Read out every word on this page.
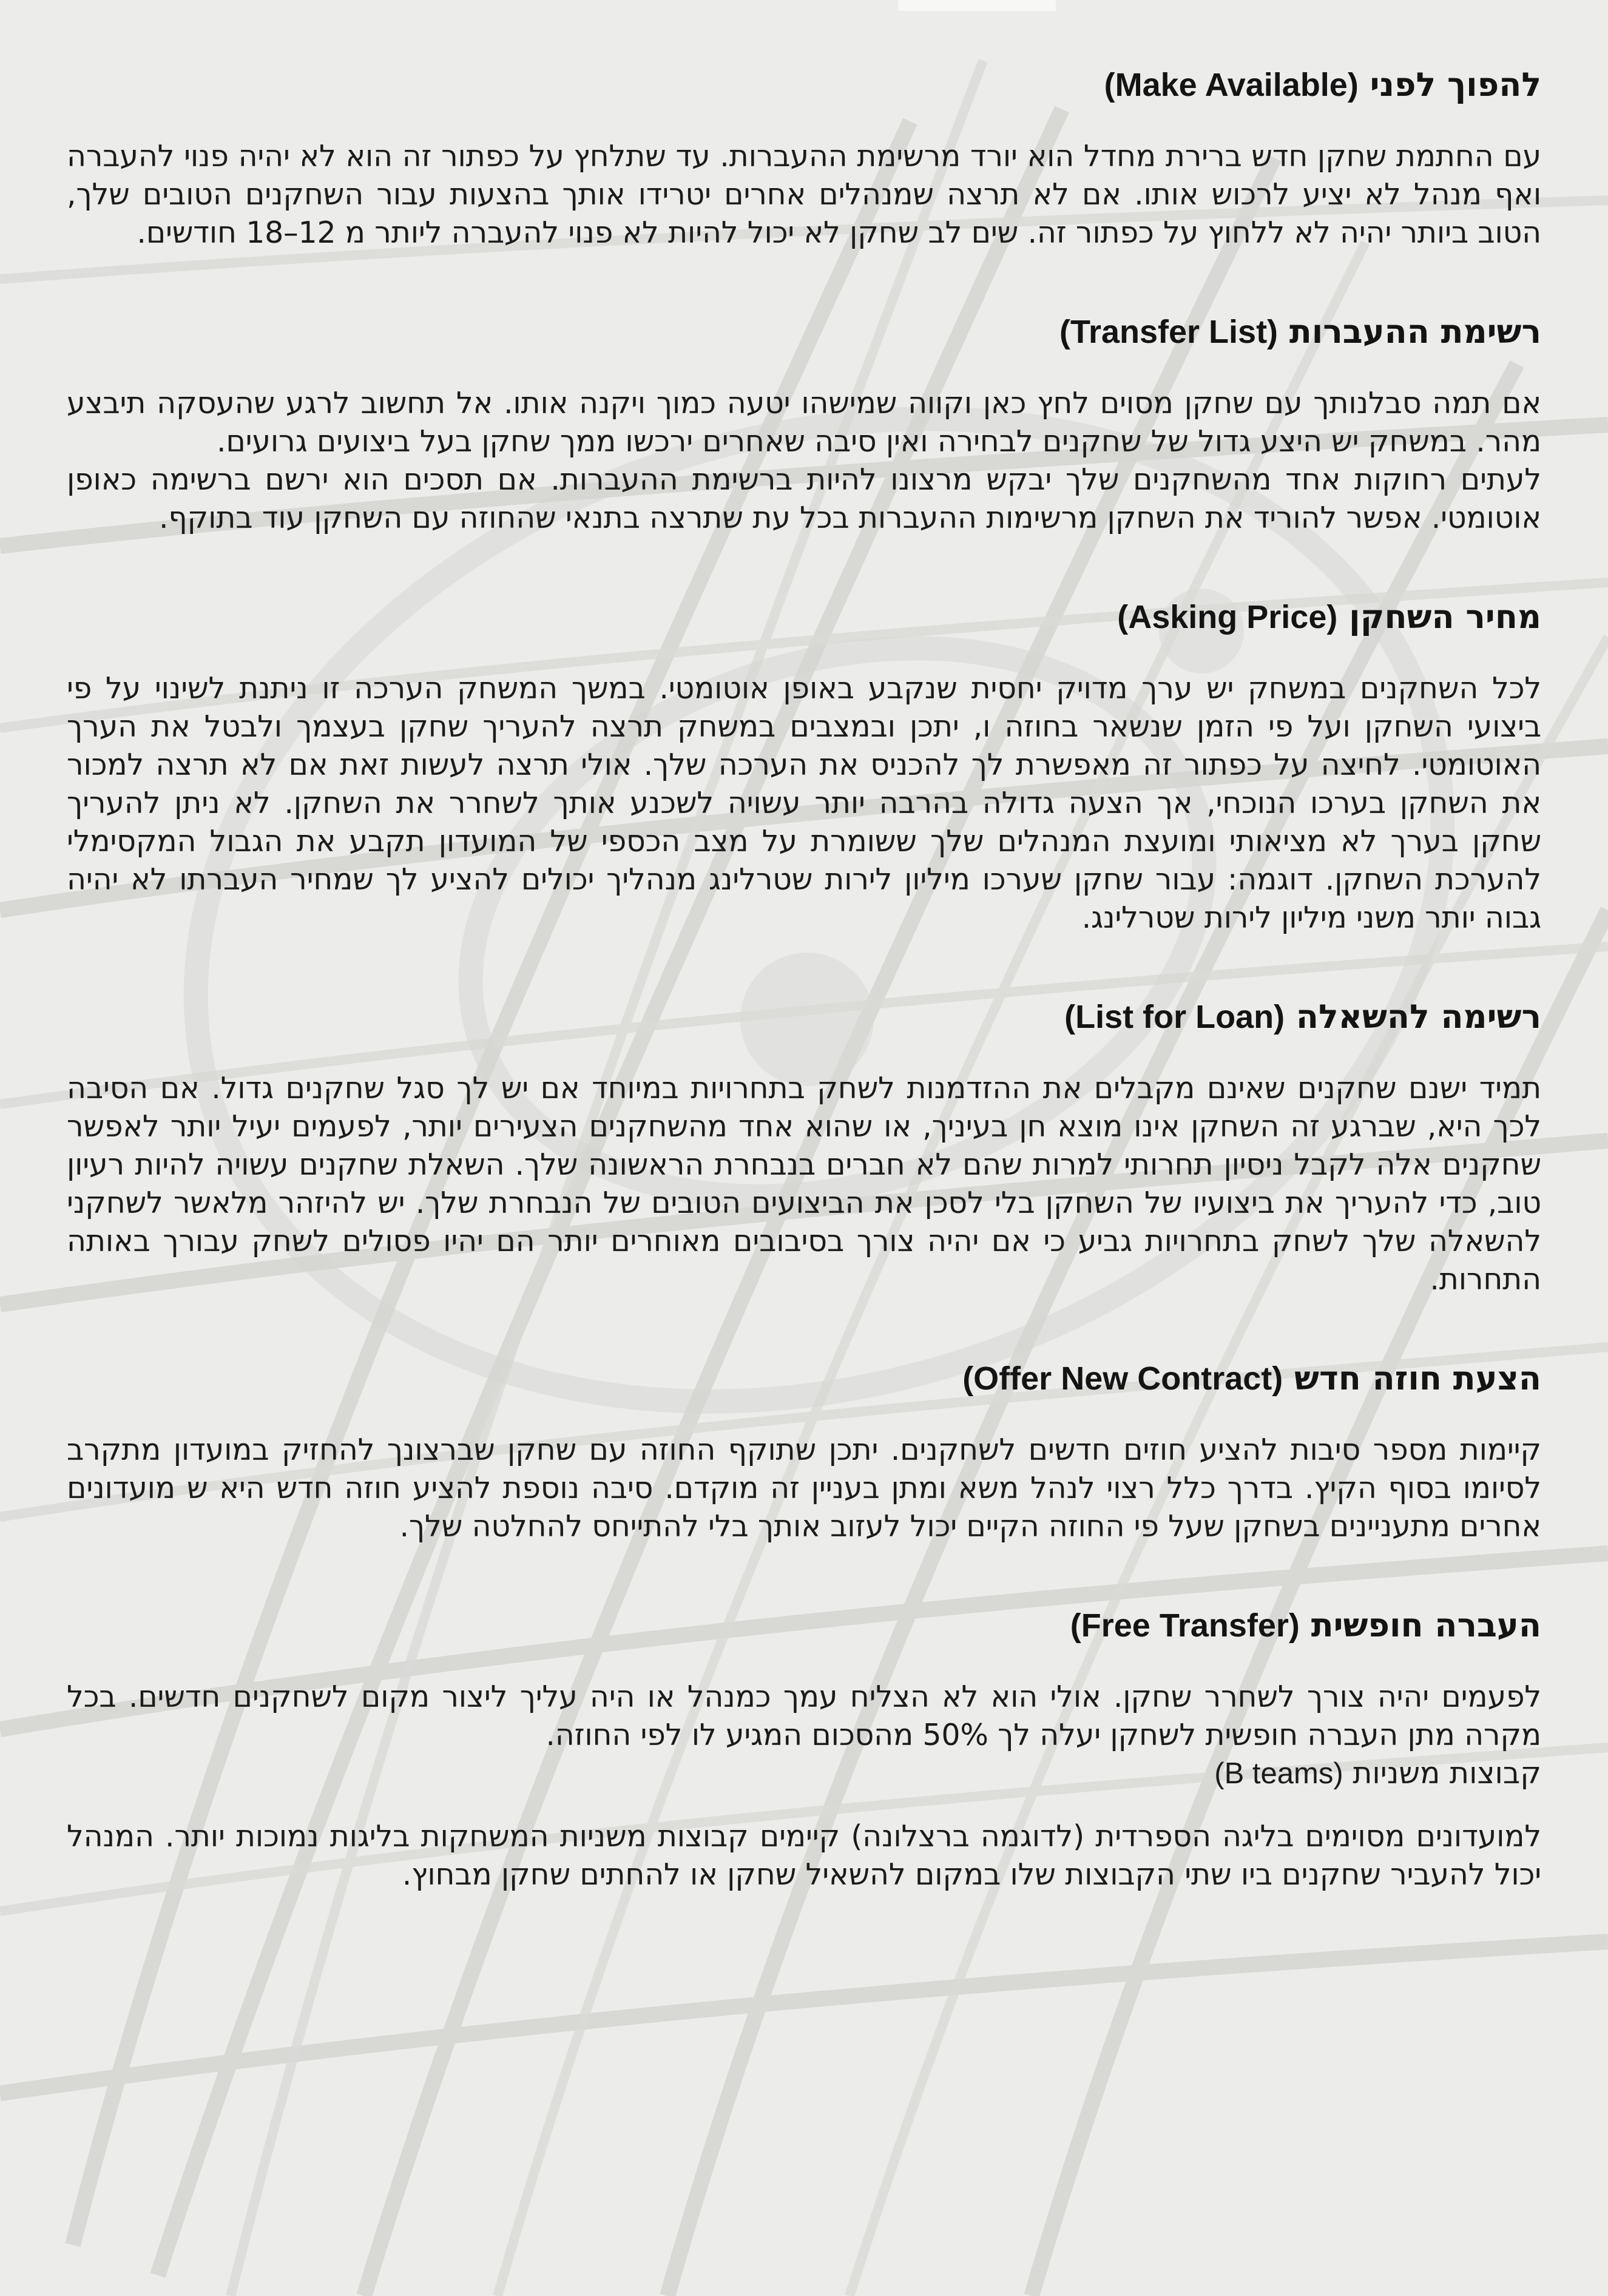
להפוך לפני (Make Available)

עם החתמת שחקן חדש ברירת מחדל הוא יורד מרשימת ההעברות. עד שתלחץ על כפתור זה הוא לא יהיה פנוי להעברה ואף מנהל לא יציע לרכוש אותו. אם לא תרצה שמנהלים אחרים יטרידו אותך בהצעות עבור השחקנים הטובים שלך, הטוב ביותר יהיה לא ללחוץ על כפתור זה. שים לב שחקן לא יכול להיות לא פנוי להעברה ליותר מ 12–18 חודשים.

רשימת ההעברות (Transfer List)

אם תמה סבלנותך עם שחקן מסוים לחץ כאן וקווה שמישהו יטעה כמוך ויקנה אותו. אל תחשוב לרגע שהעסקה תיבצע מהר. במשחק יש היצע גדול של שחקנים לבחירה ואין סיבה שאחרים ירכשו ממך שחקן בעל ביצועים גרועים.

לעתים רחוקות אחד מהשחקנים שלך יבקש מרצונו להיות ברשימת ההעברות. אם תסכים הוא ירשם ברשימה כאופן אוטומטי. אפשר להוריד את השחקן מרשימות ההעברות בכל עת שתרצה בתנאי שהחוזה עם השחקן עוד בתוקף.

מחיר השחקן (Asking Price)

לכל השחקנים במשחק יש ערך מדויק יחסית שנקבע באופן אוטומטי. במשך המשחק הערכה זו ניתנת לשינוי על פי ביצועי השחקן ועל פי הזמן שנשאר בחוזה ו, יתכן ובמצבים במשחק תרצה להעריך שחקן בעצמך ולבטל את הערך האוטומטי. לחיצה על כפתור זה מאפשרת לך להכניס את הערכה שלך. אולי תרצה לעשות זאת אם לא תרצה למכור את השחקן בערכו הנוכחי, אך הצעה גדולה בהרבה יותר עשויה לשכנע אותך לשחרר את השחקן. לא ניתן להעריך שחקן בערך לא מציאותי ומועצת המנהלים שלך ששומרת על מצב הכספי של המועדון תקבע את הגבול המקסימלי להערכת השחקן. דוגמה: עבור שחקן שערכו מיליון לירות שטרלינג מנהליך יכולים להציע לך שמחיר העברתו לא יהיה גבוה יותר משני מיליון לירות שטרלינג.

רשימה להשאלה (List for Loan)

תמיד ישנם שחקנים שאינם מקבלים את ההזדמנות לשחק בתחרויות במיוחד אם יש לך סגל שחקנים גדול. אם הסיבה לכך היא, שברגע זה השחקן אינו מוצא חן בעיניך, או שהוא אחד מהשחקנים הצעירים יותר, לפעמים יעיל יותר לאפשר שחקנים אלה לקבל ניסיון תחרותי למרות שהם לא חברים בנבחרת הראשונה שלך. השאלת שחקנים עשויה להיות רעיון טוב, כדי להעריך את ביצועיו של השחקן בלי לסכן את הביצועים הטובים של הנבחרת שלך. יש להיזהר מלאשר לשחקני להשאלה שלך לשחק בתחרויות גביע כי אם יהיה צורך בסיבובים מאוחרים יותר הם יהיו פסולים לשחק עבורך באותה התחרות.

הצעת חוזה חדש (Offer New Contract)

קיימות מספר סיבות להציע חוזים חדשים לשחקנים. יתכן שתוקף החוזה עם שחקן שברצונך להחזיק במועדון מתקרב לסיומו בסוף הקיץ. בדרך כלל רצוי לנהל משא ומתן בעניין זה מוקדם. סיבה נוספת להציע חוזה חדש היא ש מועדונים אחרים מתעניינים בשחקן שעל פי החוזה הקיים יכול לעזוב אותך בלי להתייחס להחלטה שלך.

העברה חופשית (Free Transfer)

לפעמים יהיה צורך לשחרר שחקן. אולי הוא לא הצליח עמך כמנהל או היה עליך ליצור מקום לשחקנים חדשים. בכל מקרה מתן העברה חופשית לשחקן יעלה לך 50% מהסכום המגיע לו לפי החוזה.

קבוצות משניות (B teams)

למועדונים מסוימים בליגה הספרדית (לדוגמה ברצלונה) קיימים קבוצות משניות המשחקות בליגות נמוכות יותר. המנהל יכול להעביר שחקנים ביו שתי הקבוצות שלו במקום להשאיל שחקן או להחתים שחקן מבחוץ.
